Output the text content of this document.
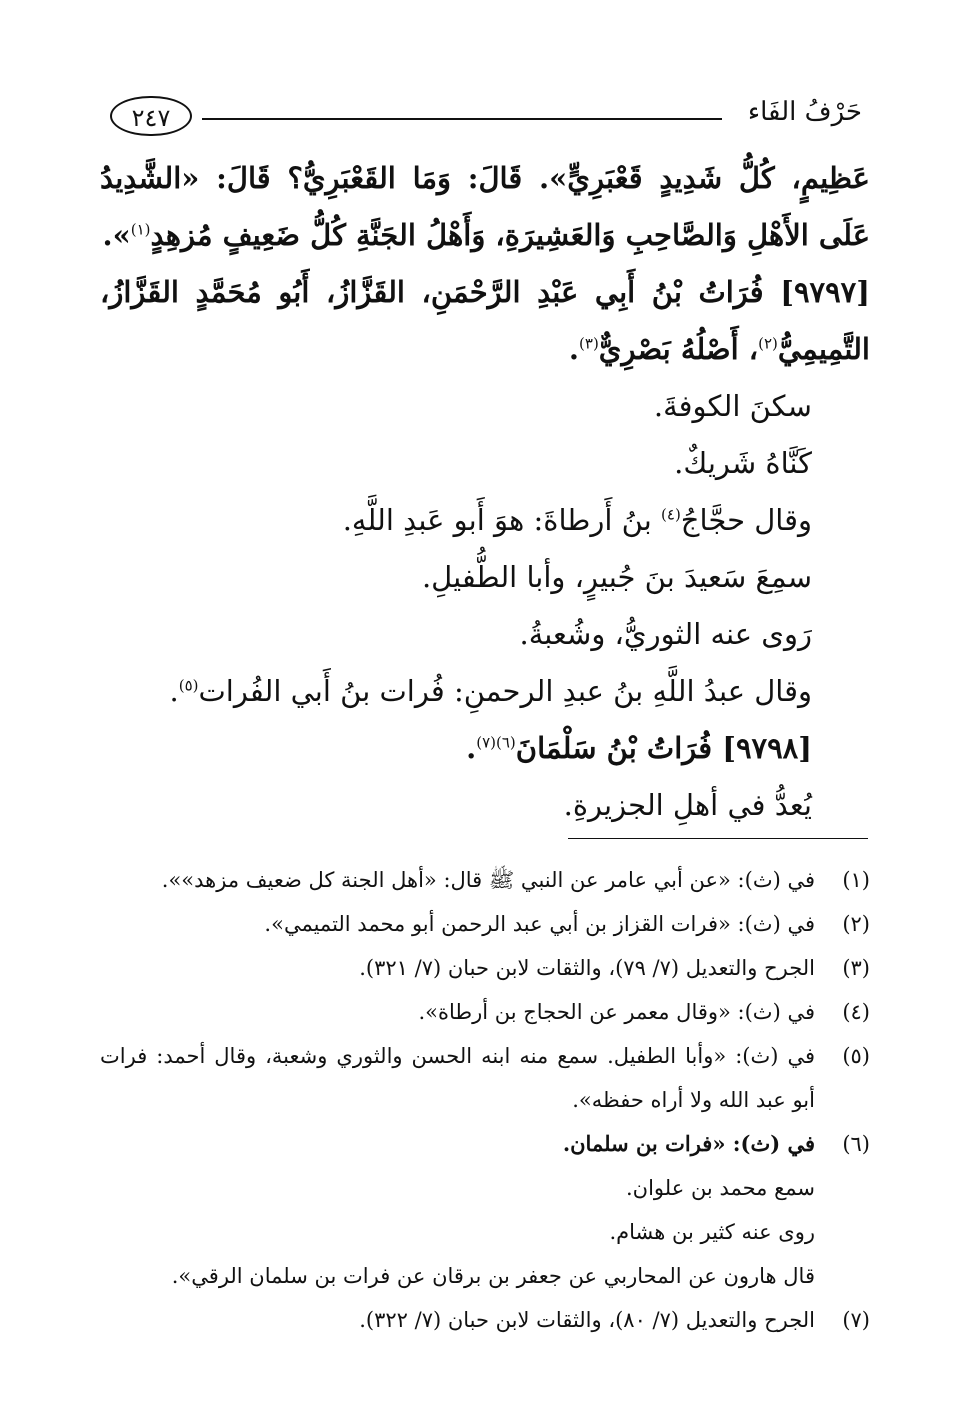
حَرْفُ الفَاء
٢٤٧

عَظِيمٍ، كُلُّ شَدِيدٍ قَعْبَرِيٍّ». قَالَ: وَمَا القَعْبَرِيُّ؟ قَالَ: «الشَّدِيدُ عَلَى الأَهْلِ وَالصَّاحِبِ وَالعَشِيرَةِ، وَأَهْلُ الجَنَّةِ كُلُّ ضَعِيفٍ مُزهِدٍ$^{(١)}$».

[٩٧٩٧] فُرَاتُ بْنُ أَبِي عَبْدِ الرَّحْمَنِ، القَزَّازُ، أَبُو مُحَمَّدٍ القَزَّازُ، التَّمِيمِيُّ$^{(٢)}$، أَصْلُهُ بَصْرِيٌّ$^{(٣)}$.

سكنَ الكوفةَ.

كَنَّاهُ شَريكٌ.

وقال حجَّاجُ$^{(٤)}$ بنُ أَرطاةَ: هوَ أَبو عَبدِ اللَّهِ.

سمِعَ سَعيدَ بنَ جُبيرٍ، وأبا الطُّفيلِ.

رَوى عنه الثوريُّ، وشُعبةُ.

وقال عبدُ اللَّهِ بنُ عبدِ الرحمنِ: فُرات بنُ أَبي الفُرات$^{(٥)}$.

[٩٧٩٨] فُرَاتُ بْنُ سَلْمَانَ$^{(٦)(٧)}$.

يُعدُّ في أهلِ الجزيرةِ.

(١)
في (ث): «عن أبي عامر عن النبي ﷺ قال: «أهل الجنة كل ضعيف مزهد»».
(٢)
في (ث): «فرات القزاز بن أبي عبد الرحمن أبو محمد التميمي».
(٣)
الجرح والتعديل (٧/ ٧٩)، والثقات لابن حبان (٧/ ٣٢١).
(٤)
في (ث): «وقال معمر عن الحجاج بن أرطاة».
(٥)
في (ث): «وأبا الطفيل. سمع منه ابنه الحسن والثوري وشعبة، وقال أحمد: فرات أبو عبد الله ولا أراه حفظه».
(٦)
في (ث): «فرات بن سلمان.

سمع محمد بن علوان.

روى عنه كثير بن هشام.

قال هارون عن المحاربي عن جعفر بن برقان عن فرات بن سلمان الرقي».

(٧)
الجرح والتعديل (٧/ ٨٠)، والثقات لابن حبان (٧/ ٣٢٢).
